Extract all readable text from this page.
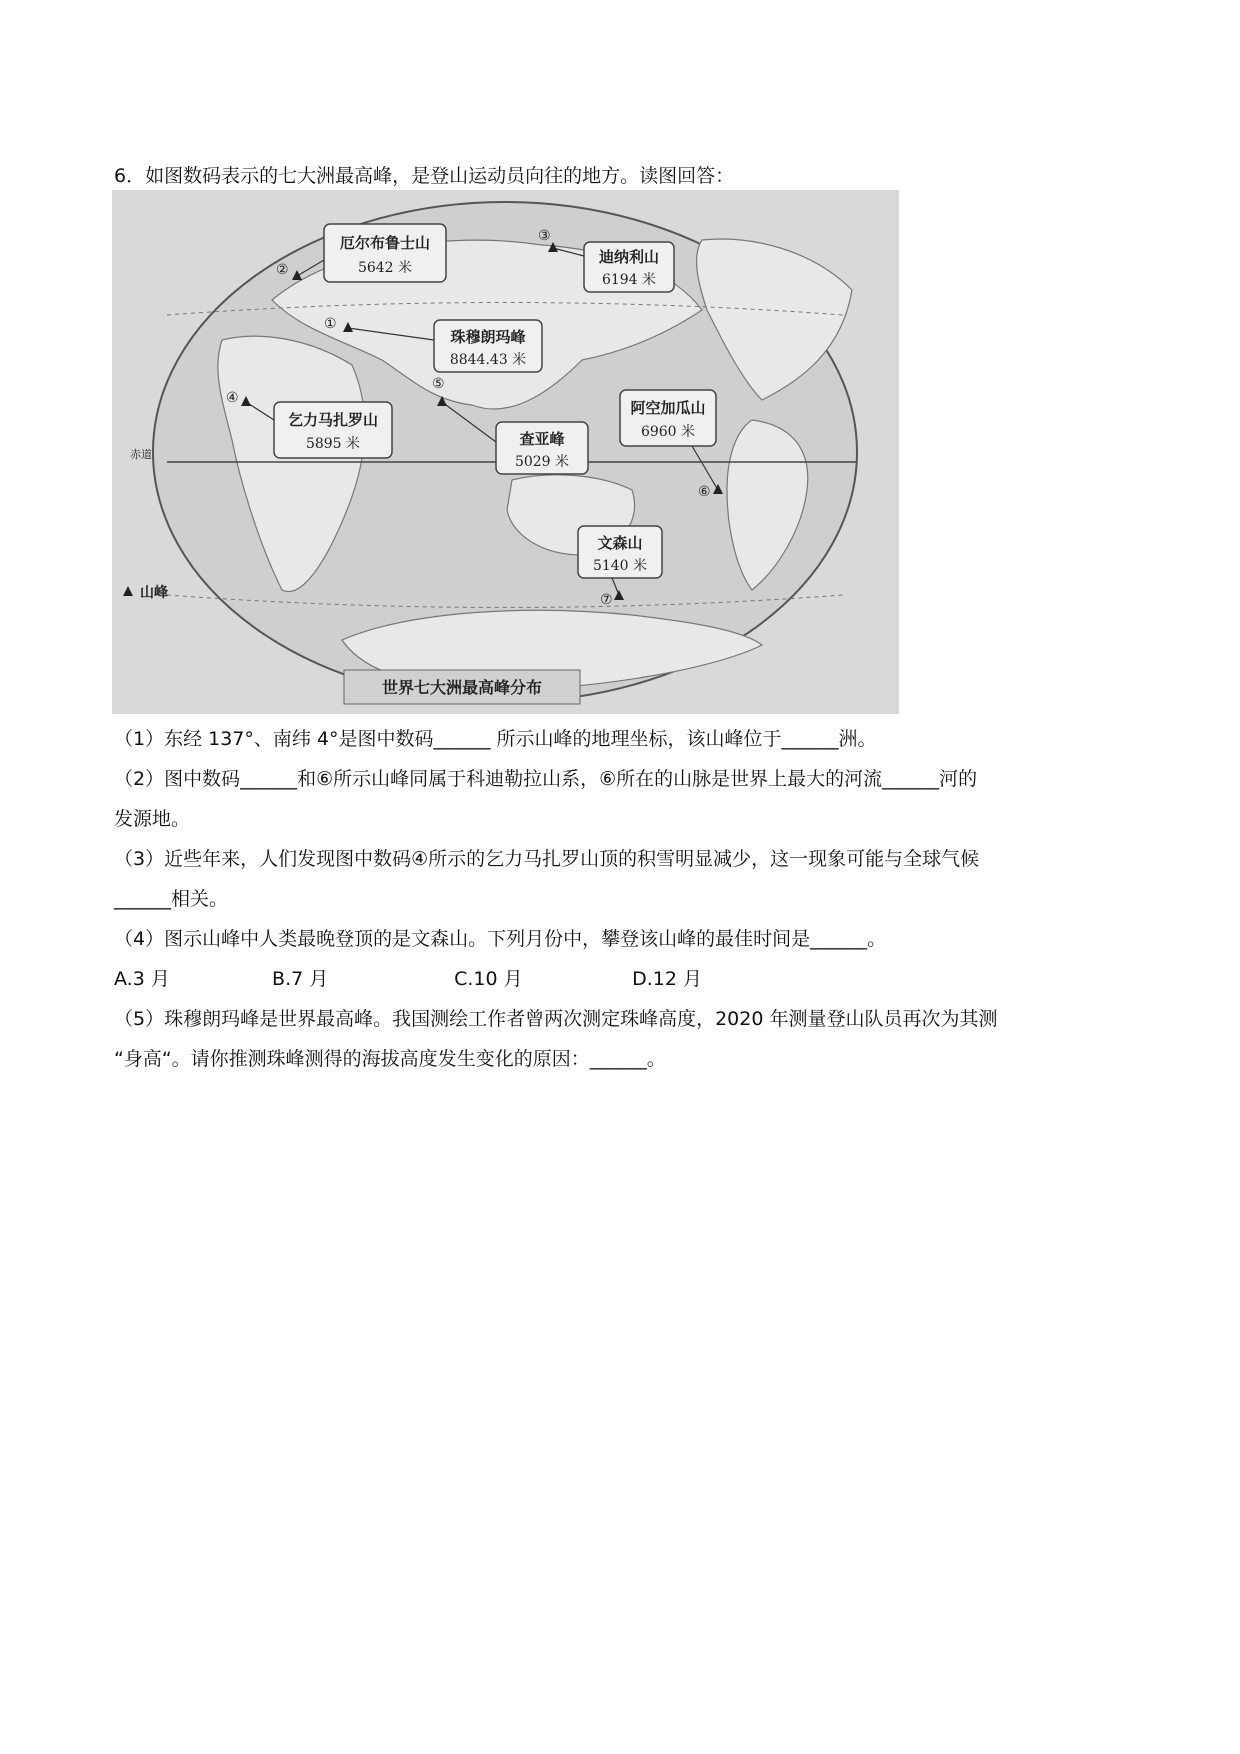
6．如图数码表示的七大洲最高峰，是登山运动员向往的地方。读图回答：
赤道
厄尔布鲁士山
5642 米
迪纳利山
6194 米
珠穆朗玛峰
8844.43 米
乞力马扎罗山
5895 米	查亚峰
5029 米
阿空加瓜山
6960 米
文森山
5140 米
①
②
③
④
⑤
⑥
⑦
山峰
世界七大洲最高峰分布
（1）东经 137°、南纬 4°是图中数码______ 所示山峰的地理坐标，该山峰位于______洲。
（2）图中数码______和⑥所示山峰同属于科迪勒拉山系，⑥所在的山脉是世界上最大的河流______河的
发源地。
（3）近些年来，人们发现图中数码④所示的乞力马扎罗山顶的积雪明显减少，这一现象可能与全球气候
______相关。
（4）图示山峰中人类最晚登顶的是文森山。下列月份中，攀登该山峰的最佳时间是______。
A.3 月	B.7 月	C.10 月	D.12 月
（5）珠穆朗玛峰是世界最高峰。我国测绘工作者曾两次测定珠峰高度，2020 年测量登山队员再次为其测
“身高“。请你推测珠峰测得的海拔高度发生变化的原因：______。
